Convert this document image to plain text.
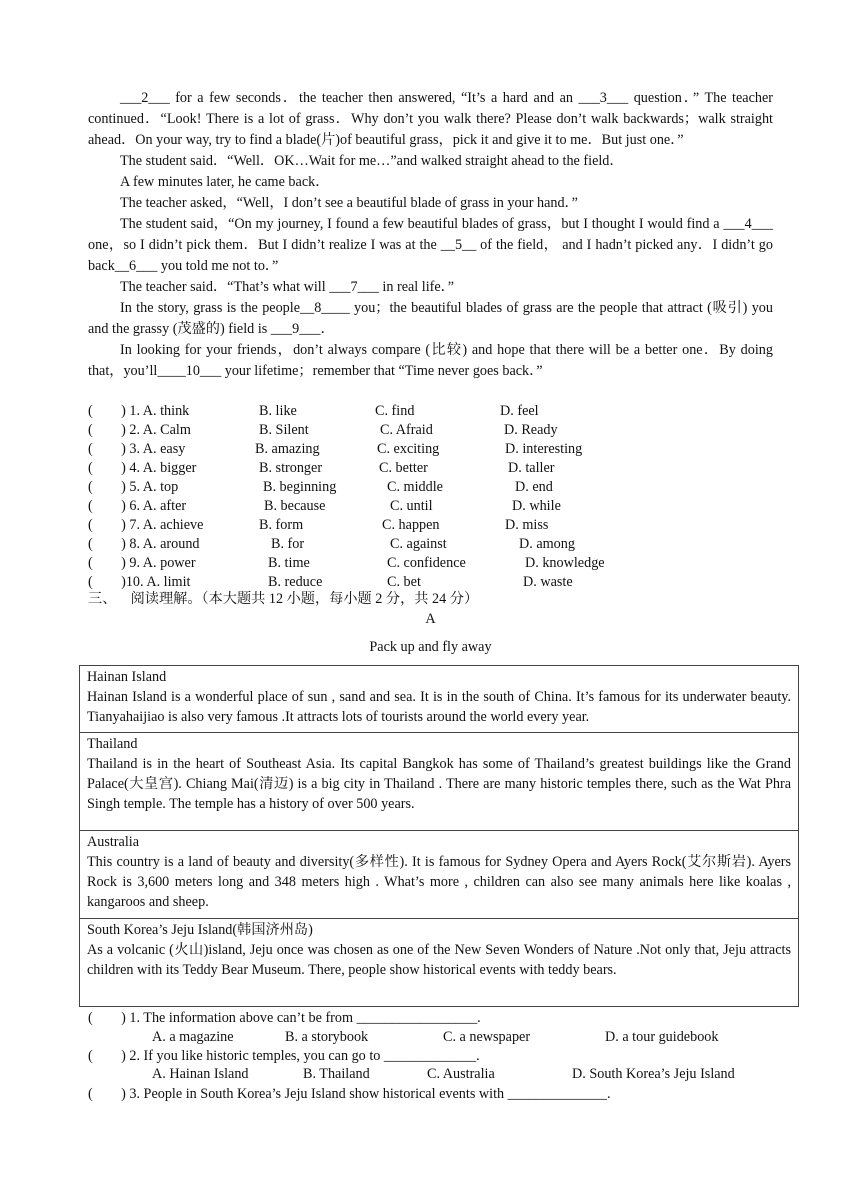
___2___ for a few seconds．the teacher then answered, “It’s a hard and an ___3___ question．” The teacher continued．“Look! There is a lot of grass．Why don’t you walk there? Please don’t walk backwards；walk straight ahead．On your way, try to find a blade(片)of beautiful grass，pick it and give it to me．But just one．”

The student said．“Well．OK…Wait for me…”and walked straight ahead to the field．

A few minutes later, he came back．

The teacher asked，“Well，I don’t see a beautiful blade of grass in your hand．”

The student said，“On my journey, I found a few beautiful blades of grass，but I thought I would find a ___4___ one，so I didn’t pick them．But I didn’t realize I was at the __5__ of the field， and I hadn’t picked any．I didn’t go back__6___ you told me not to．”

The teacher said．“That’s what will ___7___ in real life．”

In the story, grass is the people__8____ you；the beautiful blades of grass are the people that attract (吸引) you and the grassy (茂盛的) field is ___9___．

In looking for your friends，don’t always compare (比较) and hope that there will be a better one．By doing that，you’ll____10___ your lifetime；remember that “Time never goes back．”

(        ) 1. A. think

	B. like

	C. find

	D. feel

(        ) 2. A. Calm

	B. Silent

	C. Afraid

	D. Ready

(        ) 3. A. easy

	B. amazing

	C. exciting

	D. interesting

(        ) 4. A. bigger

	B. stronger

	C. better

	D. taller

(        ) 5. A. top

	B. beginning

	C. middle

	D. end

(        ) 6. A. after

	B. because

	C. until

	D. while

(        ) 7. A. achieve

	B. form

	C. happen

	D. miss

(        ) 8. A. around

	B. for

	C. against

	D. among

(        ) 9. A. power

	B. time

	C. confidence

	D. knowledge

(        )10. A. limit

	B. reduce

	C. bet

	D. waste

三、    阅读理解。（本大题共 12 小题，每小题 2 分，共 24 分）
A
Pack up and fly away
Hainan Island
Hainan Island is a wonderful place of sun , sand and sea. It is in the south of China. It’s famous for its underwater beauty. Tianyahaijiao is also very famous .It attracts lots of tourists around the world every year.
Thailand
Thailand is in the heart of Southeast Asia. Its capital Bangkok has some of Thailand’s greatest buildings like the Grand Palace(大皇宫). Chiang Mai(清迈) is a big city in Thailand . There are many historic temples there, such as the Wat Phra Singh temple. The temple has a history of over 500 years.
Australia
This country is a land of beauty and diversity(多样性). It is famous for Sydney Opera and Ayers Rock(艾尔斯岩). Ayers Rock is 3,600 meters long and 348 meters high . What’s more , children can also see many animals here like koalas , kangaroos and sheep.
South Korea’s Jeju Island(韩国济州岛)
As a volcanic (火山)island, Jeju once was chosen as one of the New Seven Wonders of Nature .Not only that, Jeju attracts children with its Teddy Bear Museum. There, people show historical events with teddy bears.
(        ) 1. The information above can’t be from _________________.
A. a magazine	B. a storybook	C. a newspaper	D. a tour guidebook
(        ) 2. If you like historic temples, you can go to _____________.
A. Hainan Island	B. Thailand	C. Australia	D. South Korea’s Jeju Island
(        ) 3. People in South Korea’s Jeju Island show historical events with ______________.
